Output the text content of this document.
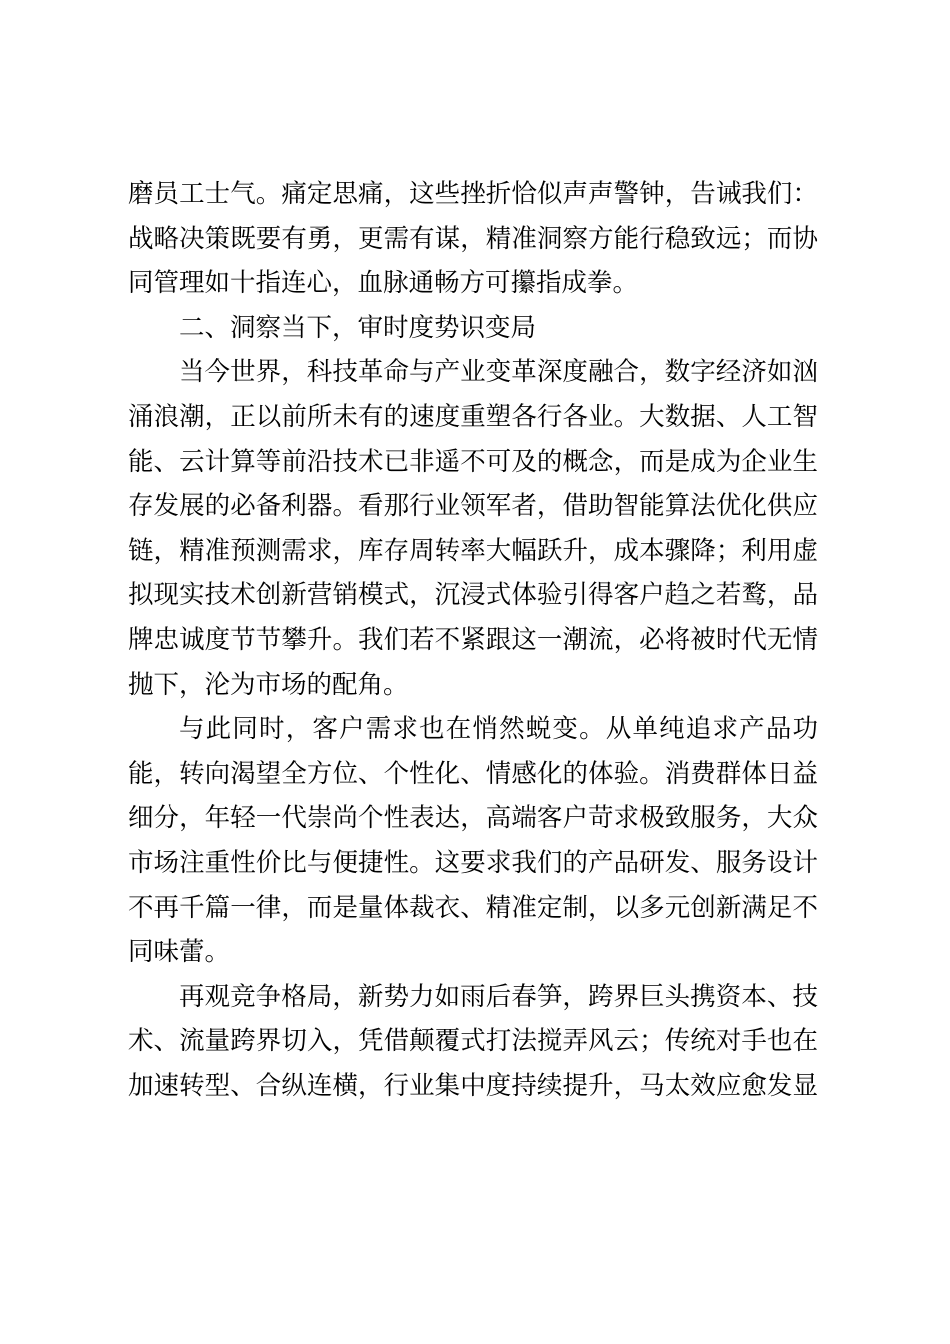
磨员工士气。痛定思痛，这些挫折恰似声声警钟，告诫我们：
战略决策既要有勇，更需有谋，精准洞察方能行稳致远；而协
同管理如十指连心，血脉通畅方可攥指成拳。

二、洞察当下，审时度势识变局

当今世界，科技革命与产业变革深度融合，数字经济如汹
涌浪潮，正以前所未有的速度重塑各行各业。大数据、人工智
能、云计算等前沿技术已非遥不可及的概念，而是成为企业生
存发展的必备利器。看那行业领军者，借助智能算法优化供应
链，精准预测需求，库存周转率大幅跃升，成本骤降；利用虚
拟现实技术创新营销模式，沉浸式体验引得客户趋之若鹜，品
牌忠诚度节节攀升。我们若不紧跟这一潮流，必将被时代无情
抛下，沦为市场的配角。

与此同时，客户需求也在悄然蜕变。从单纯追求产品功
能，转向渴望全方位、个性化、情感化的体验。消费群体日益
细分，年轻一代崇尚个性表达，高端客户苛求极致服务，大众
市场注重性价比与便捷性。这要求我们的产品研发、服务设计
不再千篇一律，而是量体裁衣、精准定制，以多元创新满足不
同味蕾。

再观竞争格局，新势力如雨后春笋，跨界巨头携资本、技
术、流量跨界切入，凭借颠覆式打法搅弄风云；传统对手也在
加速转型、合纵连横，行业集中度持续提升，马太效应愈发显
